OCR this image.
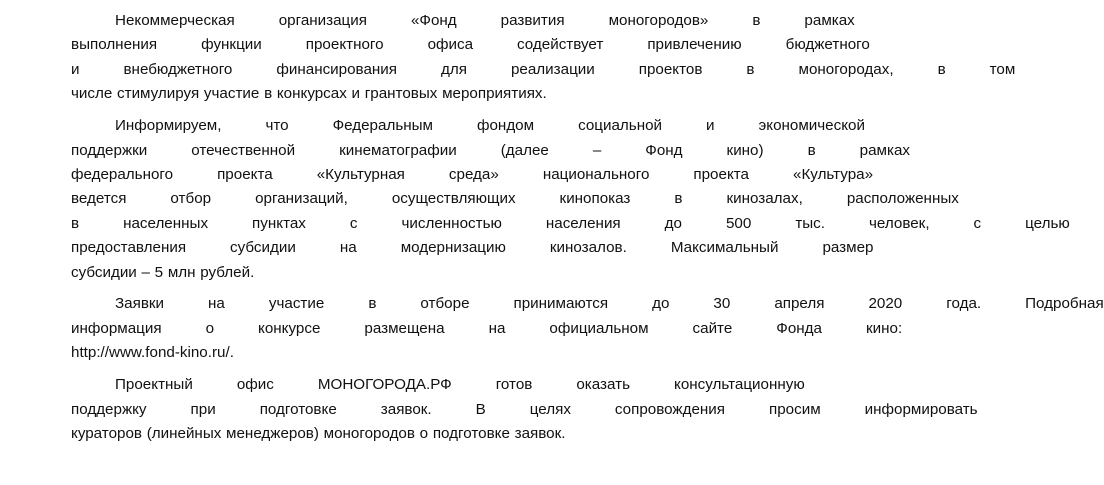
Некоммерческая	организация	«Фонд	развития	моногородов»	в	рамках
выполнения	функции	проектного	офиса	содействует	привлечению	бюджетного
и	внебюджетного	финансирования	для	реализации	проектов	в	моногородах,	в	том
числе стимулируя участие в конкурсах и грантовых мероприятиях.
Информируем,	что	Федеральным	фондом	социальной	и	экономической
поддержки	отечественной	кинематографии	(далее	–	Фонд	кино)	в	рамках
федерального	проекта	«Культурная	среда»	национального	проекта	«Культура»
ведется	отбор	организаций,	осуществляющих	кинопоказ	в	кинозалах,	расположенных
в	населенных	пунктах	с	численностью	населения	до	500	тыс.	человек,	с	целью
предоставления	субсидии	на	модернизацию	кинозалов.	Максимальный	размер
субсидии – 5 млн рублей.
Заявки	на	участие	в	отборе	принимаются	до	30	апреля	2020	года.	Подробная
информация	о	конкурсе	размещена	на	официальном	сайте	Фонда	кино:
http://www.fond-kino.ru/.
Проектный	офис	МОНОГОРОДА.РФ	готов	оказать	консультационную
поддержку	при	подготовке	заявок.	В	целях	сопровождения	просим	информировать
кураторов (линейных менеджеров) моногородов о подготовке заявок.
